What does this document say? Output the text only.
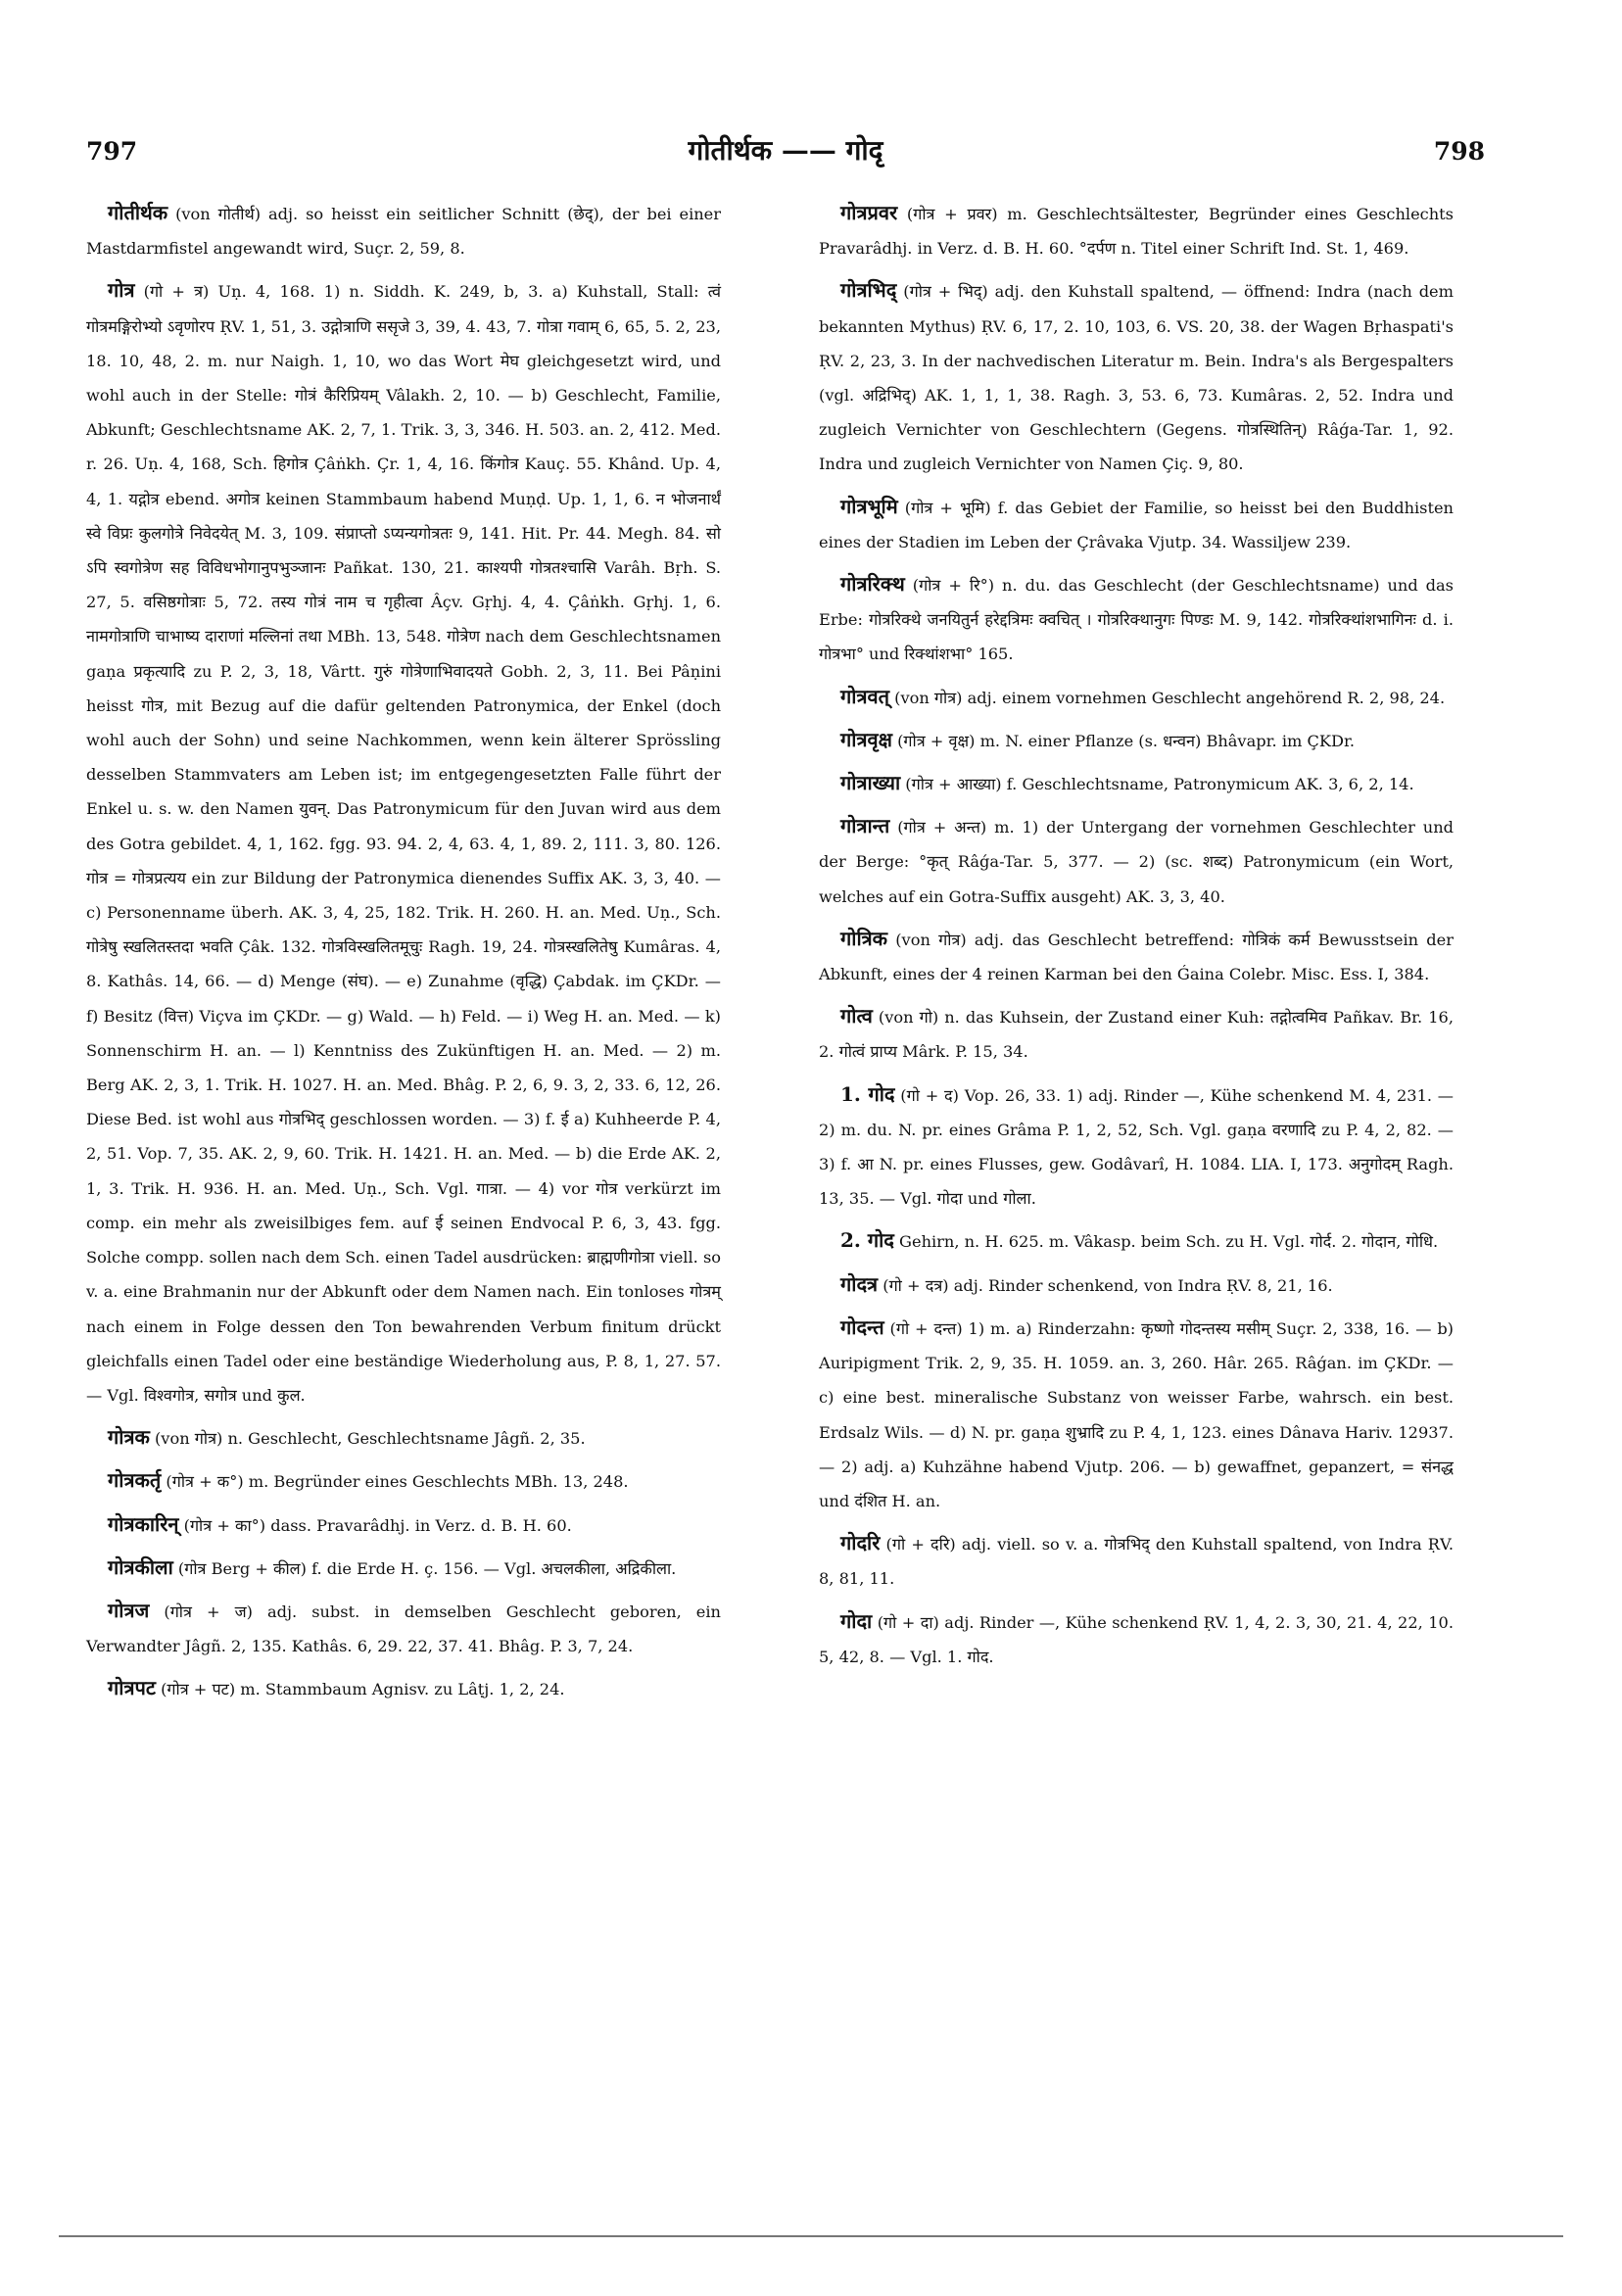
797	गोतीर्थक —— गोदृ	798

गोतीर्थक (von गोतीर्थ) adj. so heisst ein seitlicher Schnitt (छेद्), der bei einer Mastdarmfistel angewandt wird, Suçr. 2, 59, 8.

गोत्र (गो + त्र) Uṇ. 4, 168. 1) n. Siddh. K. 249, b, 3. a) Kuhstall, Stall: त्वं गोत्रमङ्गिरोभ्यो ऽवृणोरप ṚV. 1, 51, 3. उद्गोत्राणि ससृजे 3, 39, 4. 43, 7. गोत्रा गवाम् 6, 65, 5. 2, 23, 18. 10, 48, 2. m. nur Naigh. 1, 10, wo das Wort मेघ gleichgesetzt wird, und wohl auch in der Stelle: गोत्रं कैरिप्रियम् Vâlakh. 2, 10. — b) Geschlecht, Familie, Abkunft; Geschlechtsname AK. 2, 7, 1. Trik. 3, 3, 346. H. 503. an. 2, 412. Med. r. 26. Uṇ. 4, 168, Sch. हिगोत्र Çâṅkh. Çr. 1, 4, 16. किंगोत्र Kauç. 55. Khând. Up. 4, 4, 1. यद्गोत्र ebend. अगोत्र keinen Stammbaum habend Muṇḍ. Up. 1, 1, 6. न भोजनार्थं स्वे विप्रः कुलगोत्रे निवेदयेत् M. 3, 109. संप्राप्तो ऽप्यन्यगोत्रतः 9, 141. Hit. Pr. 44. Megh. 84. सो ऽपि स्वगोत्रेण सह विविधभोगानुपभुञ्जानः Pañkat. 130, 21. काश्यपी गोत्रतश्चासि Varâh. Bṛh. S. 27, 5. वसिष्ठगोत्राः 5, 72. तस्य गोत्रं नाम च गृहीत्वा Âçv. Gṛhj. 4, 4. Çâṅkh. Gṛhj. 1, 6. नामगोत्राणि चाभाष्य दाराणां मल्लिनां तथा MBh. 13, 548. गोत्रेण nach dem Geschlechtsnamen gaṇa प्रकृत्यादि zu P. 2, 3, 18, Vârtt. गुरुं गोत्रेणाभिवादयते Gobh. 2, 3, 11. Bei Pâṇini heisst गोत्र, mit Bezug auf die dafür geltenden Patronymica, der Enkel (doch wohl auch der Sohn) und seine Nachkommen, wenn kein älterer Sprössling desselben Stammvaters am Leben ist; im entgegengesetzten Falle führt der Enkel u. s. w. den Namen युवन्. Das Patronymicum für den Juvan wird aus dem des Gotra gebildet. 4, 1, 162. fgg. 93. 94. 2, 4, 63. 4, 1, 89. 2, 111. 3, 80. 126. गोत्र = गोत्रप्रत्यय ein zur Bildung der Patronymica dienendes Suffix AK. 3, 3, 40. — c) Personenname überh. AK. 3, 4, 25, 182. Trik. H. 260. H. an. Med. Uṇ., Sch. गोत्रेषु स्खलितस्तदा भवति Çâk. 132. गोत्रविस्खलितमूचुः Ragh. 19, 24. गोत्रस्खलितेषु Kumâras. 4, 8. Kathâs. 14, 66. — d) Menge (संघ). — e) Zunahme (वृद्धि) Çabdak. im ÇKDr. — f) Besitz (वित्त) Viçva im ÇKDr. — g) Wald. — h) Feld. — i) Weg H. an. Med. — k) Sonnenschirm H. an. — l) Kenntniss des Zukünftigen H. an. Med. — 2) m. Berg AK. 2, 3, 1. Trik. H. 1027. H. an. Med. Bhâg. P. 2, 6, 9. 3, 2, 33. 6, 12, 26. Diese Bed. ist wohl aus गोत्रभिद् geschlossen worden. — 3) f. ई a) Kuhheerde P. 4, 2, 51. Vop. 7, 35. AK. 2, 9, 60. Trik. H. 1421. H. an. Med. — b) die Erde AK. 2, 1, 3. Trik. H. 936. H. an. Med. Uṇ., Sch. Vgl. गात्रा. — 4) vor गोत्र verkürzt im comp. ein mehr als zweisilbiges fem. auf ई seinen Endvocal P. 6, 3, 43. fgg. Solche compp. sollen nach dem Sch. einen Tadel ausdrücken: ब्राह्मणीगोत्रा viell. so v. a. eine Brahmanin nur der Abkunft oder dem Namen nach. Ein tonloses गोत्रम् nach einem in Folge dessen den Ton bewahrenden Verbum finitum drückt gleichfalls einen Tadel oder eine beständige Wiederholung aus, P. 8, 1, 27. 57. — Vgl. विश्वगोत्र, सगोत्र und कुल.

गोत्रक (von गोत्र) n. Geschlecht, Geschlechtsname Jâgñ. 2, 35.

गोत्रकर्तृ (गोत्र + क°) m. Begründer eines Geschlechts MBh. 13, 248.

गोत्रकारिन् (गोत्र + का°) dass. Pravarâdhj. in Verz. d. B. H. 60.

गोत्रकीला (गोत्र Berg + कील) f. die Erde H. ç. 156. — Vgl. अचलकीला, अद्रिकीला.

गोत्रज (गोत्र + ज) adj. subst. in demselben Geschlecht geboren, ein Verwandter Jâgñ. 2, 135. Kathâs. 6, 29. 22, 37. 41. Bhâg. P. 3, 7, 24.

गोत्रपट (गोत्र + पट) m. Stammbaum Agnisv. zu Lâṭj. 1, 2, 24.

गोत्रप्रवर (गोत्र + प्रवर) m. Geschlechtsältester, Begründer eines Geschlechts Pravarâdhj. in Verz. d. B. H. 60. °दर्पण n. Titel einer Schrift Ind. St. 1, 469.

गोत्रभिद् (गोत्र + भिद्) adj. den Kuhstall spaltend, — öffnend: Indra (nach dem bekannten Mythus) ṚV. 6, 17, 2. 10, 103, 6. VS. 20, 38. der Wagen Bṛhaspati's ṚV. 2, 23, 3. In der nachvedischen Literatur m. Bein. Indra's als Bergespalters (vgl. अद्रिभिद्) AK. 1, 1, 1, 38. Ragh. 3, 53. 6, 73. Kumâras. 2, 52. Indra und zugleich Vernichter von Geschlechtern (Gegens. गोत्रस्थितिन्) Râǵa-Tar. 1, 92. Indra und zugleich Vernichter von Namen Çiç. 9, 80.

गोत्रभूमि (गोत्र + भूमि) f. das Gebiet der Familie, so heisst bei den Buddhisten eines der Stadien im Leben der Çrâvaka Vjutp. 34. Wassiljew 239.

गोत्ररिक्थ (गोत्र + रि°) n. du. das Geschlecht (der Geschlechtsname) und das Erbe: गोत्ररिक्थे जनयितुर्न हरेद्दत्रिमः क्वचित् । गोत्ररिक्थानुगः पिण्डः M. 9, 142. गोत्ररिक्थांशभागिनः d. i. गोत्रभा° und रिक्थांशभा° 165.

गोत्रवत् (von गोत्र) adj. einem vornehmen Geschlecht angehörend R. 2, 98, 24.

गोत्रवृक्ष (गोत्र + वृक्ष) m. N. einer Pflanze (s. धन्वन) Bhâvapr. im ÇKDr.

गोत्राख्या (गोत्र + आख्या) f. Geschlechtsname, Patronymicum AK. 3, 6, 2, 14.

गोत्रान्त (गोत्र + अन्त) m. 1) der Untergang der vornehmen Geschlechter und der Berge: °कृत् Râǵa-Tar. 5, 377. — 2) (sc. शब्द) Patronymicum (ein Wort, welches auf ein Gotra-Suffix ausgeht) AK. 3, 3, 40.

गोत्रिक (von गोत्र) adj. das Geschlecht betreffend: गोत्रिकं कर्म Bewusstsein der Abkunft, eines der 4 reinen Karman bei den Ǵaina Colebr. Misc. Ess. I, 384.

गोत्व (von गो) n. das Kuhsein, der Zustand einer Kuh: तद्गोत्वमिव Pañkav. Br. 16, 2. गोत्वं प्राप्य Mârk. P. 15, 34.

1. गोद (गो + द) Vop. 26, 33. 1) adj. Rinder —, Kühe schenkend M. 4, 231. — 2) m. du. N. pr. eines Grâma P. 1, 2, 52, Sch. Vgl. gaṇa वरणादि zu P. 4, 2, 82. — 3) f. आ N. pr. eines Flusses, gew. Godâvarî, H. 1084. LIA. I, 173. अनुगोदम् Ragh. 13, 35. — Vgl. गोदा und गोला.

2. गोद Gehirn, n. H. 625. m. Vâkasp. beim Sch. zu H. Vgl. गोर्द. 2. गोदान, गोधि.

गोदत्र (गो + दत्र) adj. Rinder schenkend, von Indra ṚV. 8, 21, 16.

गोदन्त (गो + दन्त) 1) m. a) Rinderzahn: कृष्णो गोदन्तस्य मसीम् Suçr. 2, 338, 16. — b) Auripigment Trik. 2, 9, 35. H. 1059. an. 3, 260. Hâr. 265. Râǵan. im ÇKDr. — c) eine best. mineralische Substanz von weisser Farbe, wahrsch. ein best. Erdsalz Wils. — d) N. pr. gaṇa शुभ्रादि zu P. 4, 1, 123. eines Dânava Hariv. 12937. — 2) adj. a) Kuhzähne habend Vjutp. 206. — b) gewaffnet, gepanzert, = संनद्ध und दंशित H. an.

गोदरि (गो + दरि) adj. viell. so v. a. गोत्रभिद् den Kuhstall spaltend, von Indra ṚV. 8, 81, 11.

गोदा (गो + दा) adj. Rinder —, Kühe schenkend ṚV. 1, 4, 2. 3, 30, 21. 4, 22, 10. 5, 42, 8. — Vgl. 1. गोद.
